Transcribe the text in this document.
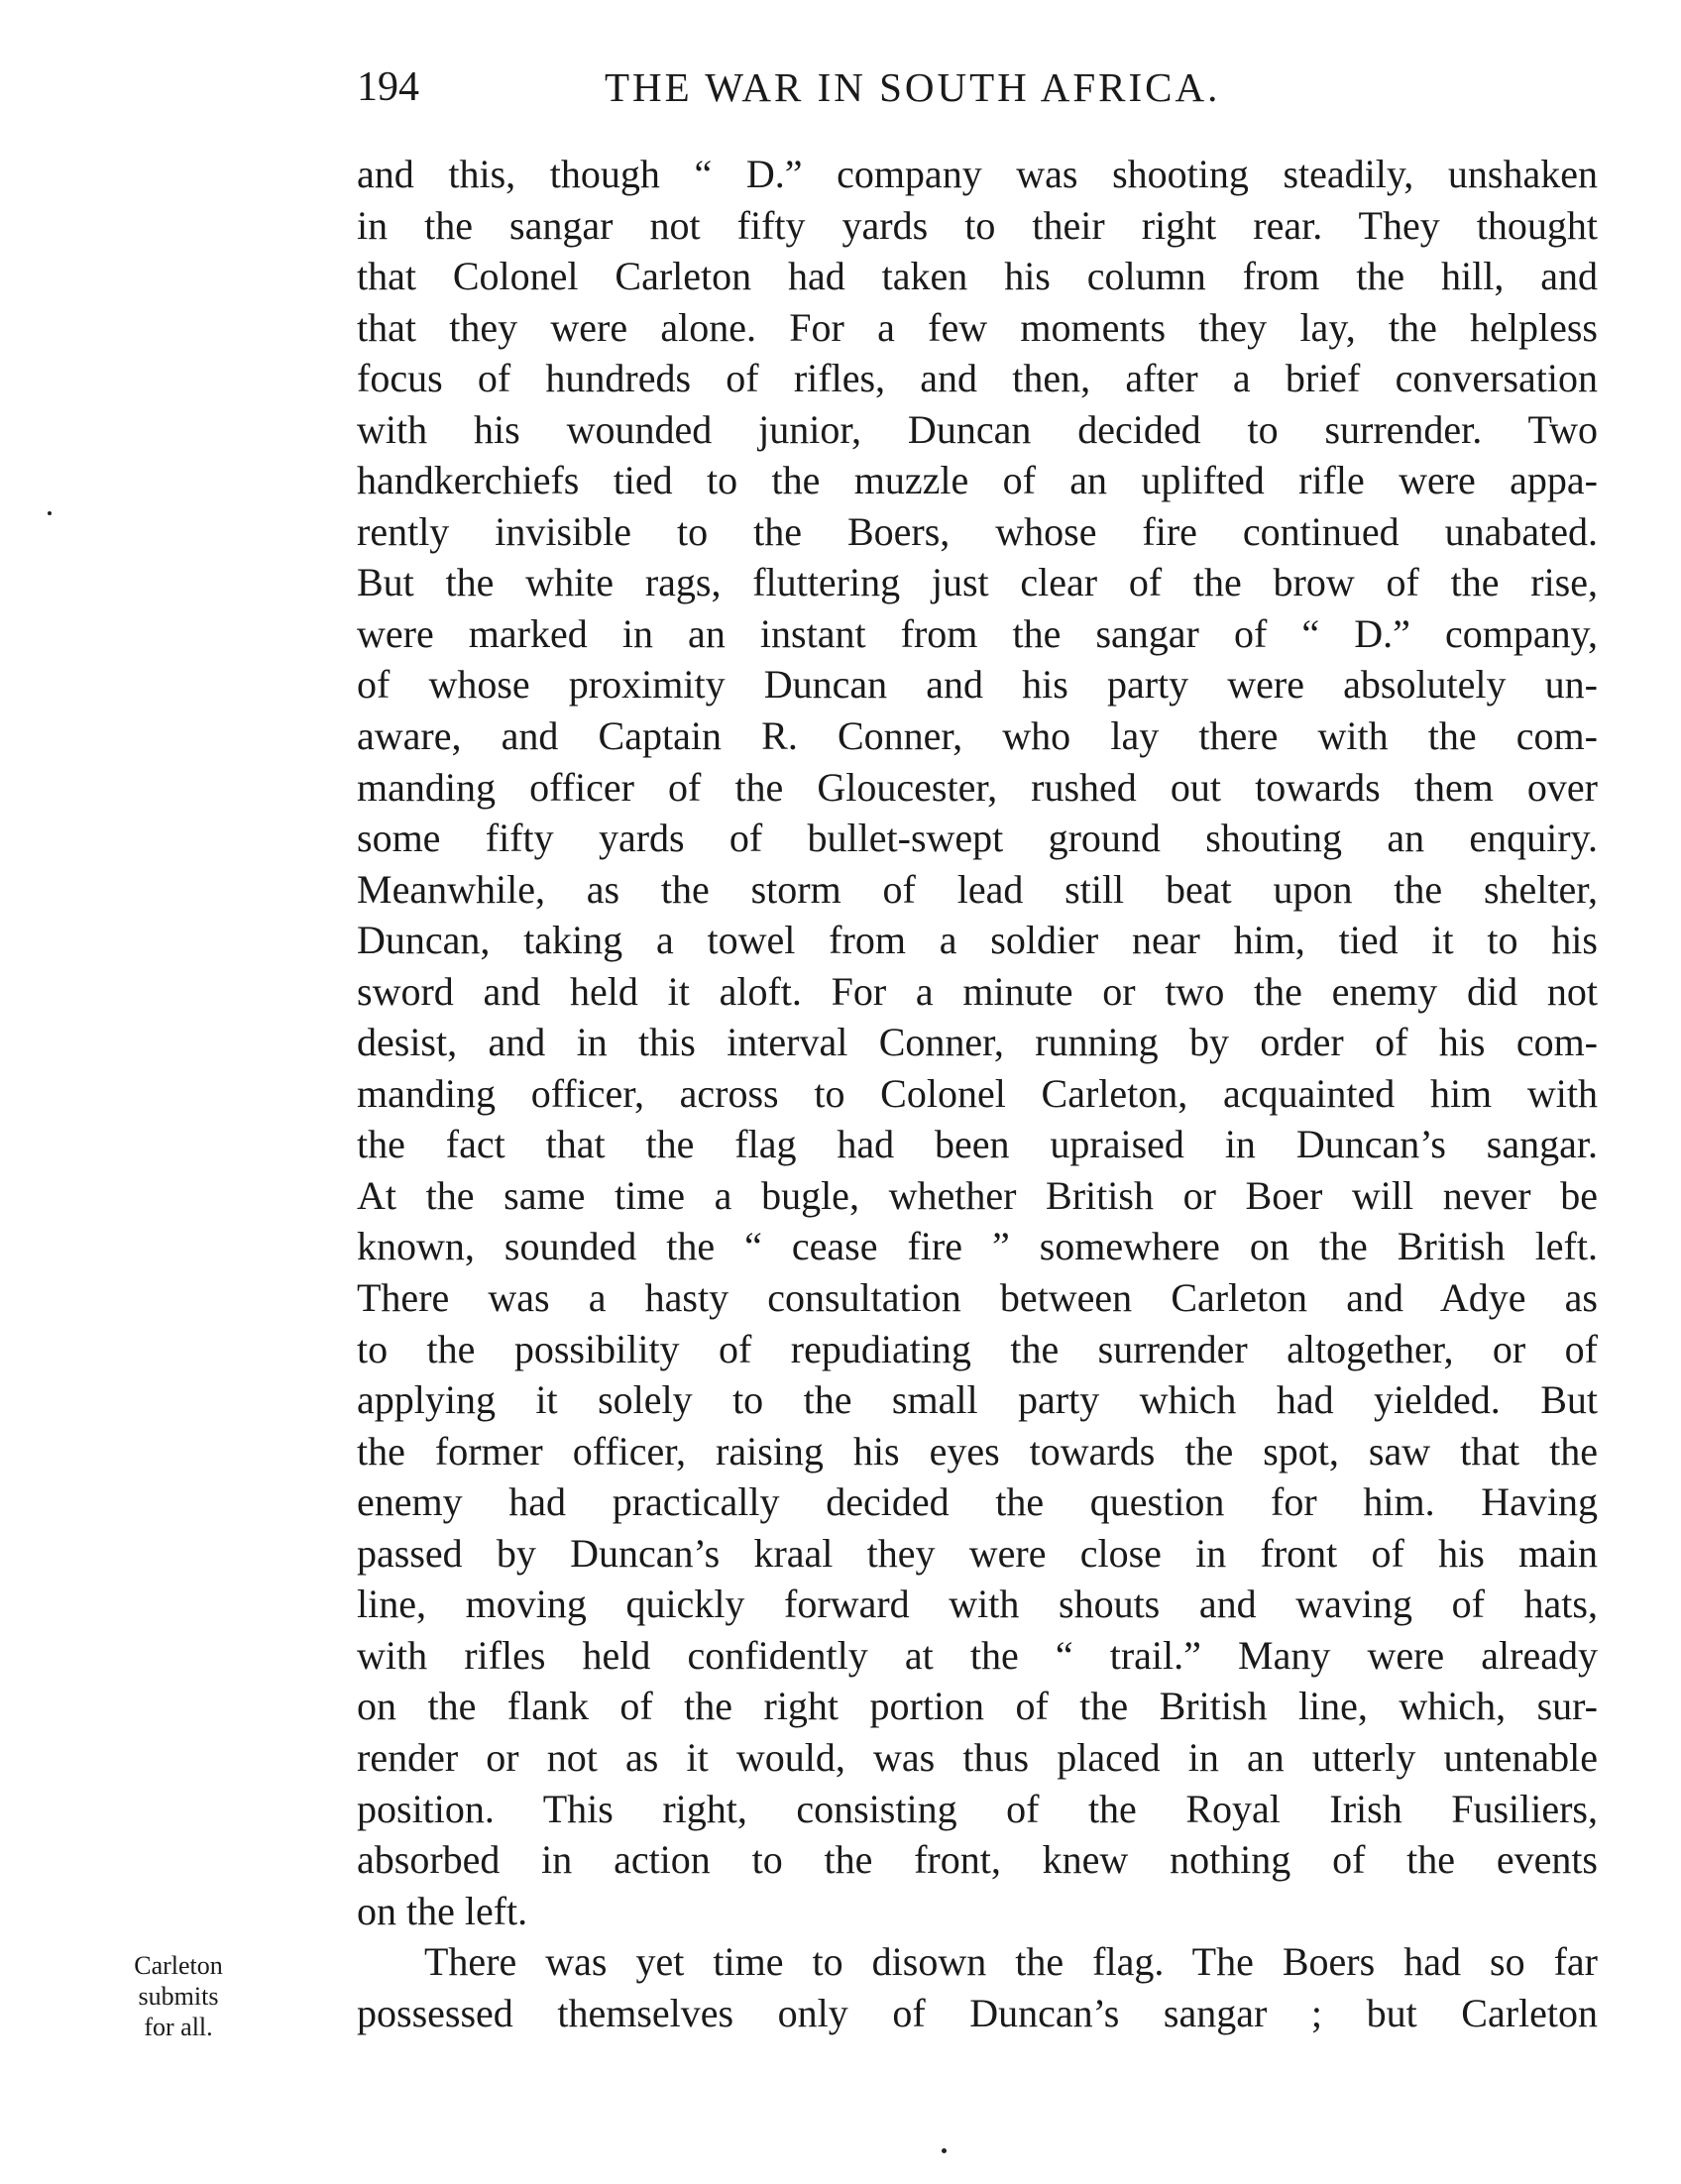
194	THE WAR IN SOUTH AFRICA.
and this, though “ D.” company was shooting steadily, unshaken
in the sangar not fifty yards to their right rear. They thought
that Colonel Carleton had taken his column from the hill, and
that they were alone. For a few moments they lay, the helpless
focus of hundreds of rifles, and then, after a brief conversation
with his wounded junior, Duncan decided to surrender. Two
handkerchiefs tied to the muzzle of an uplifted rifle were appa-
rently invisible to the Boers, whose fire continued unabated.
But the white rags, fluttering just clear of the brow of the rise,
were marked in an instant from the sangar of “ D.” company,
of whose proximity Duncan and his party were absolutely un-
aware, and Captain R. Conner, who lay there with the com-
manding officer of the Gloucester, rushed out towards them over
some fifty yards of bullet-swept ground shouting an enquiry.
Meanwhile, as the storm of lead still beat upon the shelter,
Duncan, taking a towel from a soldier near him, tied it to his
sword and held it aloft. For a minute or two the enemy did not
desist, and in this interval Conner, running by order of his com-
manding officer, across to Colonel Carleton, acquainted him with
the fact that the flag had been upraised in Duncan’s sangar.
At the same time a bugle, whether British or Boer will never be
known, sounded the “ cease fire ” somewhere on the British left.
There was a hasty consultation between Carleton and Adye as
to the possibility of repudiating the surrender altogether, or of
applying it solely to the small party which had yielded. But
the former officer, raising his eyes towards the spot, saw that the
enemy had practically decided the question for him. Having
passed by Duncan’s kraal they were close in front of his main
line, moving quickly forward with shouts and waving of hats,
with rifles held confidently at the “ trail.” Many were already
on the flank of the right portion of the British line, which, sur-
render or not as it would, was thus placed in an utterly untenable
position. This right, consisting of the Royal Irish Fusiliers,
absorbed in action to the front, knew nothing of the events
on the left.
There was yet time to disown the flag. The Boers had so far
possessed themselves only of Duncan’s sangar ; but Carleton
Carleton
submits
for all.
